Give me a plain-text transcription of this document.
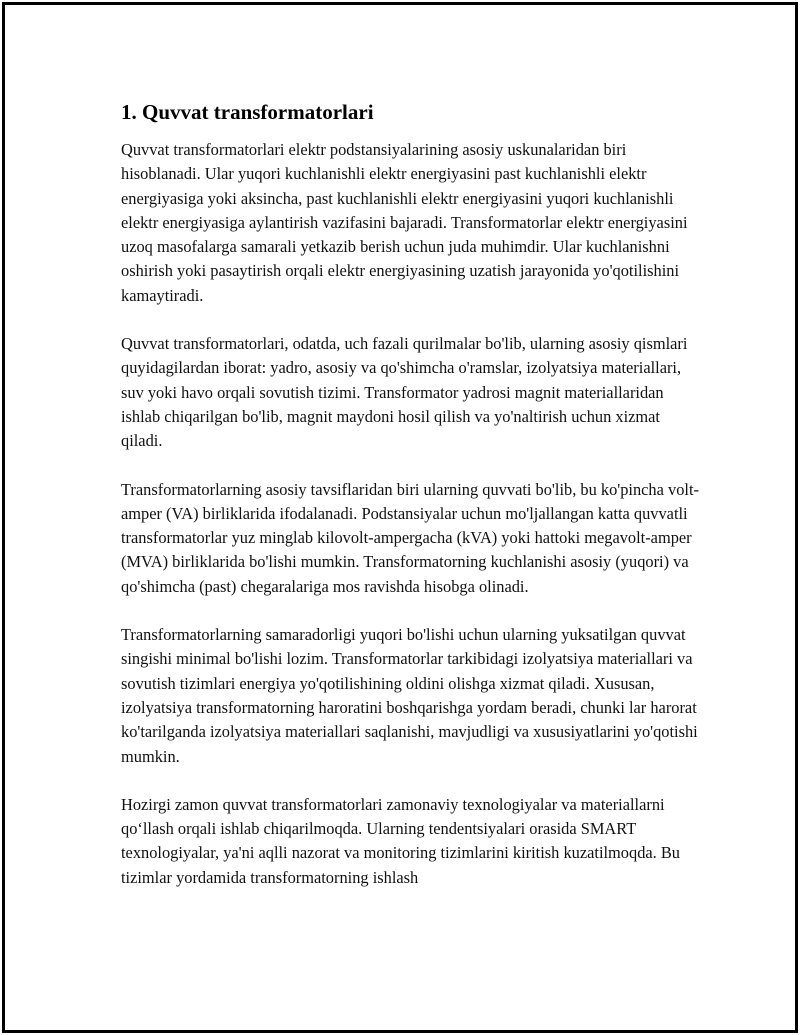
1. Quvvat transformatorlari

Quvvat transformatorlari elektr podstansiyalarining asosiy uskunalaridan biri hisoblanadi. Ular yuqori kuchlanishli elektr energiyasini past kuchlanishli elektr energiyasiga yoki aksincha, past kuchlanishli elektr energiyasini yuqori kuchlanishli elektr energiyasiga aylantirish vazifasini bajaradi. Transformatorlar elektr energiyasini uzoq masofalarga samarali yetkazib berish uchun juda muhimdir. Ular kuchlanishni oshirish yoki pasaytirish orqali elektr energiyasining uzatish jarayonida yo'qotilishini kamaytiradi.

Quvvat transformatorlari, odatda, uch fazali qurilmalar bo'lib, ularning asosiy qismlari quyidagilardan iborat: yadro, asosiy va qo'shimcha o'ramslar, izolyatsiya materiallari, suv yoki havo orqali sovutish tizimi. Transformator yadrosi magnit materiallaridan ishlab chiqarilgan bo'lib, magnit maydoni hosil qilish va yo'naltirish uchun xizmat qiladi.

Transformatorlarning asosiy tavsiflaridan biri ularning quvvati bo'lib, bu ko'pincha volt-amper (VA) birliklarida ifodalanadi. Podstansiyalar uchun mo'ljallangan katta quvvatli transformatorlar yuz minglab kilovolt-ampergacha (kVA) yoki hattoki megavolt-amper (MVA) birliklarida bo'lishi mumkin. Transformatorning kuchlanishi asosiy (yuqori) va qo'shimcha (past) chegaralariga mos ravishda hisobga olinadi.

Transformatorlarning samaradorligi yuqori bo'lishi uchun ularning yuksatilgan quvvat singishi minimal bo'lishi lozim. Transformatorlar tarkibidagi izolyatsiya materiallari va sovutish tizimlari energiya yo'qotilishining oldini olishga xizmat qiladi. Xususan, izolyatsiya transformatorning haroratini boshqarishga yordam beradi, chunki lar harorat ko'tarilganda izolyatsiya materiallari saqlanishi, mavjudligi va xususiyatlarini yo'qotishi mumkin.

Hozirgi zamon quvvat transformatorlari zamonaviy texnologiyalar va materiallarni qo‘llash orqali ishlab chiqarilmoqda. Ularning tendentsiyalari orasida SMART texnologiyalar, ya'ni aqlli nazorat va monitoring tizimlarini kiritish kuzatilmoqda. Bu tizimlar yordamida transformatorning ishlash
